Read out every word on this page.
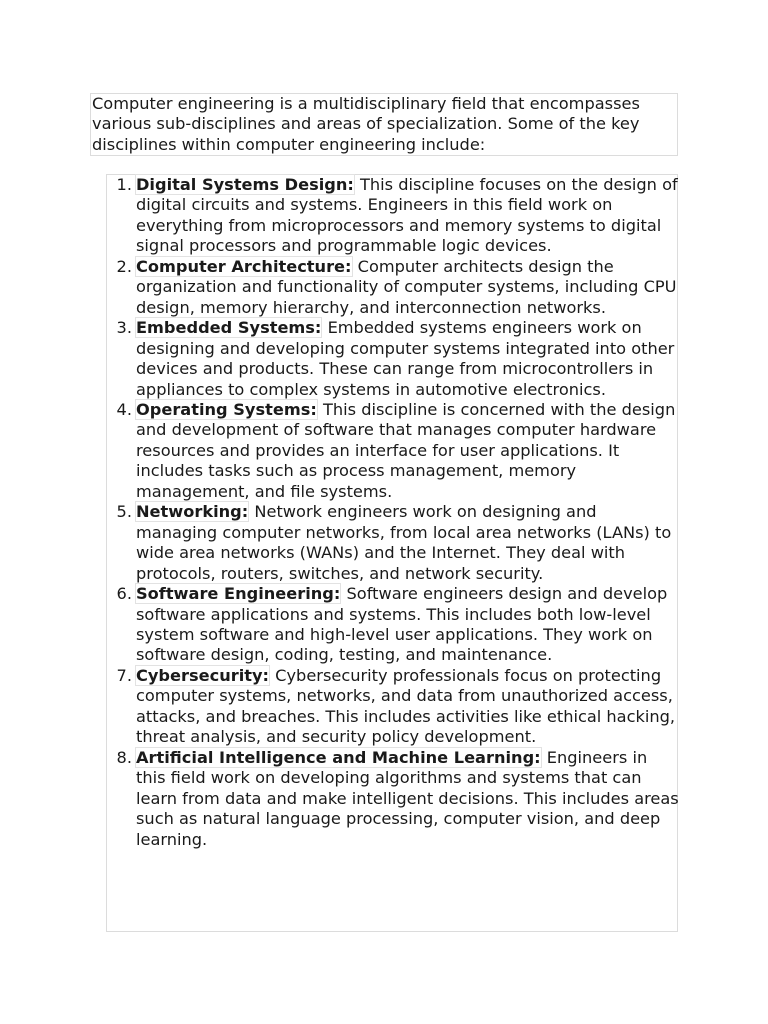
Computer engineering is a multidisciplinary field that encompasses various sub-disciplines and areas of specialization. Some of the key disciplines within computer engineering include:

1. Digital Systems Design: This discipline focuses on the design of digital circuits and systems. Engineers in this field work on everything from microprocessors and memory systems to digital signal processors and programmable logic devices.
2. Computer Architecture: Computer architects design the organization and functionality of computer systems, including CPU design, memory hierarchy, and interconnection networks.
3. Embedded Systems: Embedded systems engineers work on designing and developing computer systems integrated into other devices and products. These can range from microcontrollers in appliances to complex systems in automotive electronics.
4. Operating Systems: This discipline is concerned with the design and development of software that manages computer hardware resources and provides an interface for user applications. It includes tasks such as process management, memory management, and file systems.
5. Networking: Network engineers work on designing and managing computer networks, from local area networks (LANs) to wide area networks (WANs) and the Internet. They deal with protocols, routers, switches, and network security.
6. Software Engineering: Software engineers design and develop software applications and systems. This includes both low-level system software and high-level user applications. They work on software design, coding, testing, and maintenance.
7. Cybersecurity: Cybersecurity professionals focus on protecting computer systems, networks, and data from unauthorized access, attacks, and breaches. This includes activities like ethical hacking, threat analysis, and security policy development.
8. Artificial Intelligence and Machine Learning: Engineers in this field work on developing algorithms and systems that can learn from data and make intelligent decisions. This includes areas such as natural language processing, computer vision, and deep learning.
